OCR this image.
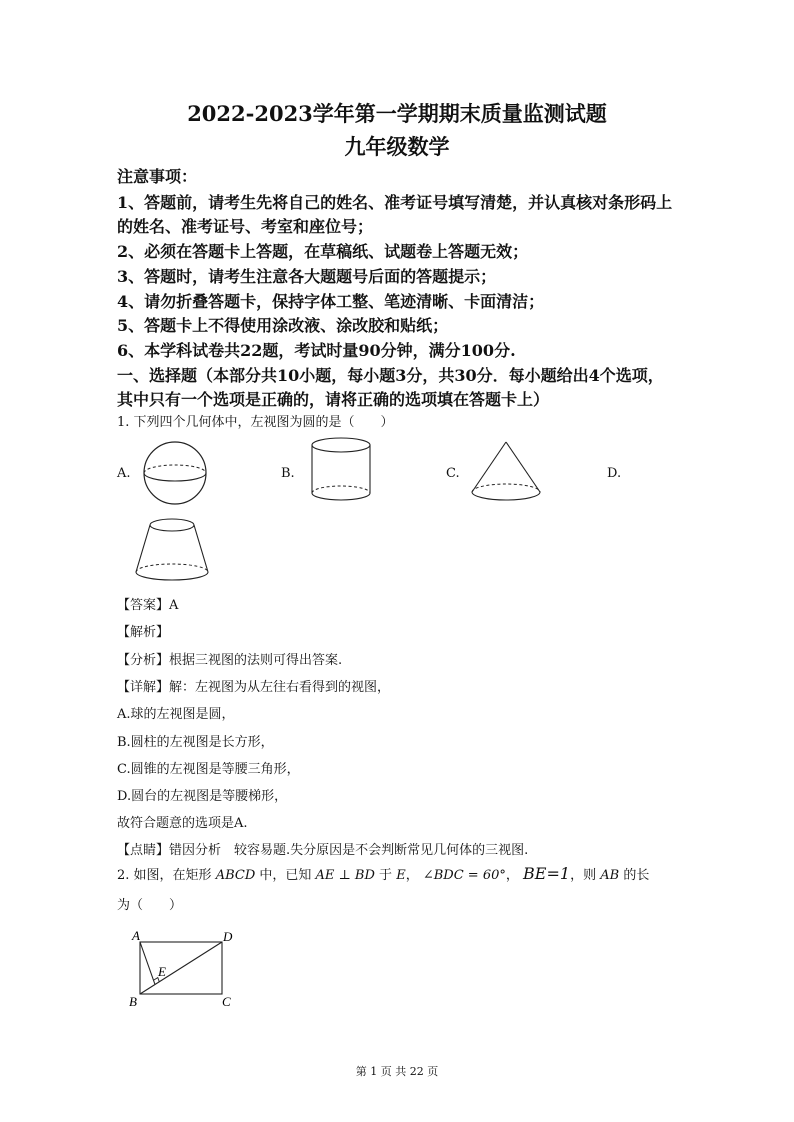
2022-2023学年第一学期期末质量监测试题
九年级数学
注意事项：
1、答题前，请考生先将自己的姓名、准考证号填写清楚，并认真核对条形码上
的姓名、准考证号、考室和座位号；
2、必须在答题卡上答题，在草稿纸、试题卷上答题无效；
3、答题时，请考生注意各大题题号后面的答题提示；
4、请勿折叠答题卡，保持字体工整、笔迹清晰、卡面清洁；
5、答题卡上不得使用涂改液、涂改胶和贴纸；
6、本学科试卷共22题，考试时量90分钟，满分100分.
一、选择题（本部分共10小题，每小题3分，共30分．每小题给出4个选项，
其中只有一个选项是正确的，请将正确的选项填在答题卡上）
1. 下列四个几何体中，左视图为圆的是（　　）
A.	B.	C.	D.
【答案】A
【解析】
【分析】根据三视图的法则可得出答案.
【详解】解：左视图为从左往右看得到的视图，
A.球的左视图是圆，
B.圆柱的左视图是长方形，
C.圆锥的左视图是等腰三角形，
D.圆台的左视图是等腰梯形，
故符合题意的选项是A.
【点睛】错因分析　较容易题.失分原因是不会判断常见几何体的三视图.
2. 如图，在矩形 ABCD 中，已知 AE ⊥ BD 于 E， ∠BDC = 60°， BE=1，则 AB 的长
为（　　）
A	D
B	C
E
第 1 页 共 22 页
